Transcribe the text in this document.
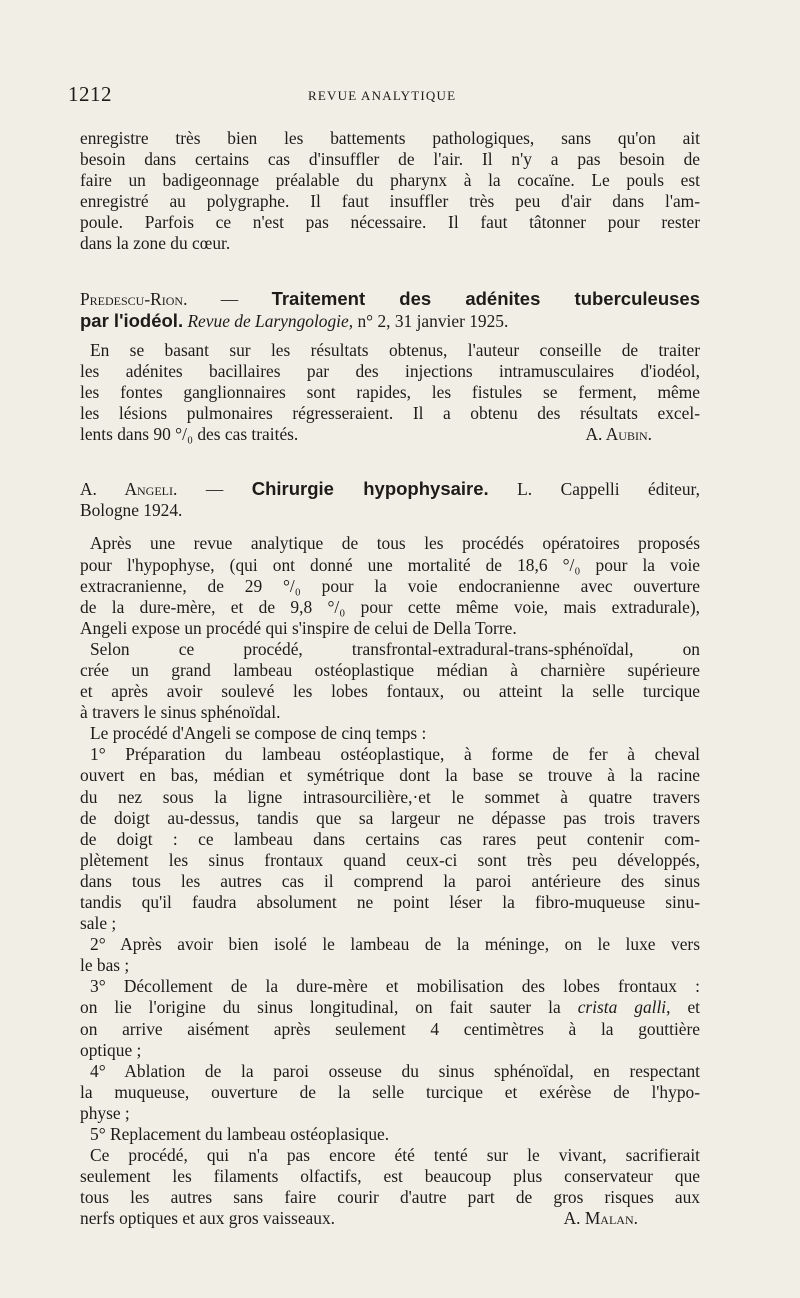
1212	REVUE ANALYTIQUE
enregistre très bien les battements pathologiques, sans qu'on ait
besoin dans certains cas d'insuffler de l'air. Il n'y a pas besoin de
faire un badigeonnage préalable du pharynx à la cocaïne. Le pouls est
enregistré au polygraphe. Il faut insuffler très peu d'air dans l'am-
poule. Parfois ce n'est pas nécessaire. Il faut tâtonner pour rester
dans la zone du cœur.
Predescu-Rion. — Traitement des adénites tuberculeuses
par l'iodéol. Revue de Laryngologie, n° 2, 31 janvier 1925.
En se basant sur les résultats obtenus, l'auteur conseille de traiter
les adénites bacillaires par des injections intramusculaires d'iodéol,
les fontes ganglionnaires sont rapides, les fistules se ferment, même
les lésions pulmonaires régresseraient. Il a obtenu des résultats excel-
lents dans 90 °/₀ des cas traités.	A. Aubin.
A. Angeli. — Chirurgie hypophysaire. L. Cappelli éditeur,
Bologne 1924.
Après une revue analytique de tous les procédés opératoires proposés
pour l'hypophyse, (qui ont donné une mortalité de 18,6 °/₀ pour la voie
extracranienne, de 29 °/₀ pour la voie endocranienne avec ouverture
de la dure-mère, et de 9,8 °/₀ pour cette même voie, mais extradurale),
Angeli expose un procédé qui s'inspire de celui de Della Torre.
Selon ce procédé, transfrontal-extradural-trans-sphénoïdal, on
crée un grand lambeau ostéoplastique médian à charnière supérieure
et après avoir soulevé les lobes fontaux, ou atteint la selle turcique
à travers le sinus sphénoïdal.
Le procédé d'Angeli se compose de cinq temps :
1° Préparation du lambeau ostéoplastique, à forme de fer à cheval
ouvert en bas, médian et symétrique dont la base se trouve à la racine
du nez sous la ligne intrasourcilière,·et le sommet à quatre travers
de doigt au-dessus, tandis que sa largeur ne dépasse pas trois travers
de doigt : ce lambeau dans certains cas rares peut contenir com-
plètement les sinus frontaux quand ceux-ci sont très peu développés,
dans tous les autres cas il comprend la paroi antérieure des sinus
tandis qu'il faudra absolument ne point léser la fibro-muqueuse sinu-
sale ;
2° Après avoir bien isolé le lambeau de la méninge, on le luxe vers
le bas ;
3° Décollement de la dure-mère et mobilisation des lobes frontaux :
on lie l'origine du sinus longitudinal, on fait sauter la crista galli, et
on arrive aisément après seulement 4 centimètres à la gouttière
optique ;
4° Ablation de la paroi osseuse du sinus sphénoïdal, en respectant
la muqueuse, ouverture de la selle turcique et exérèse de l'hypo-
physe ;
5° Replacement du lambeau ostéoplasique.
Ce procédé, qui n'a pas encore été tenté sur le vivant, sacrifierait
seulement les filaments olfactifs, est beaucoup plus conservateur que
tous les autres sans faire courir d'autre part de gros risques aux
nerfs optiques et aux gros vaisseaux.	A. Malan.
